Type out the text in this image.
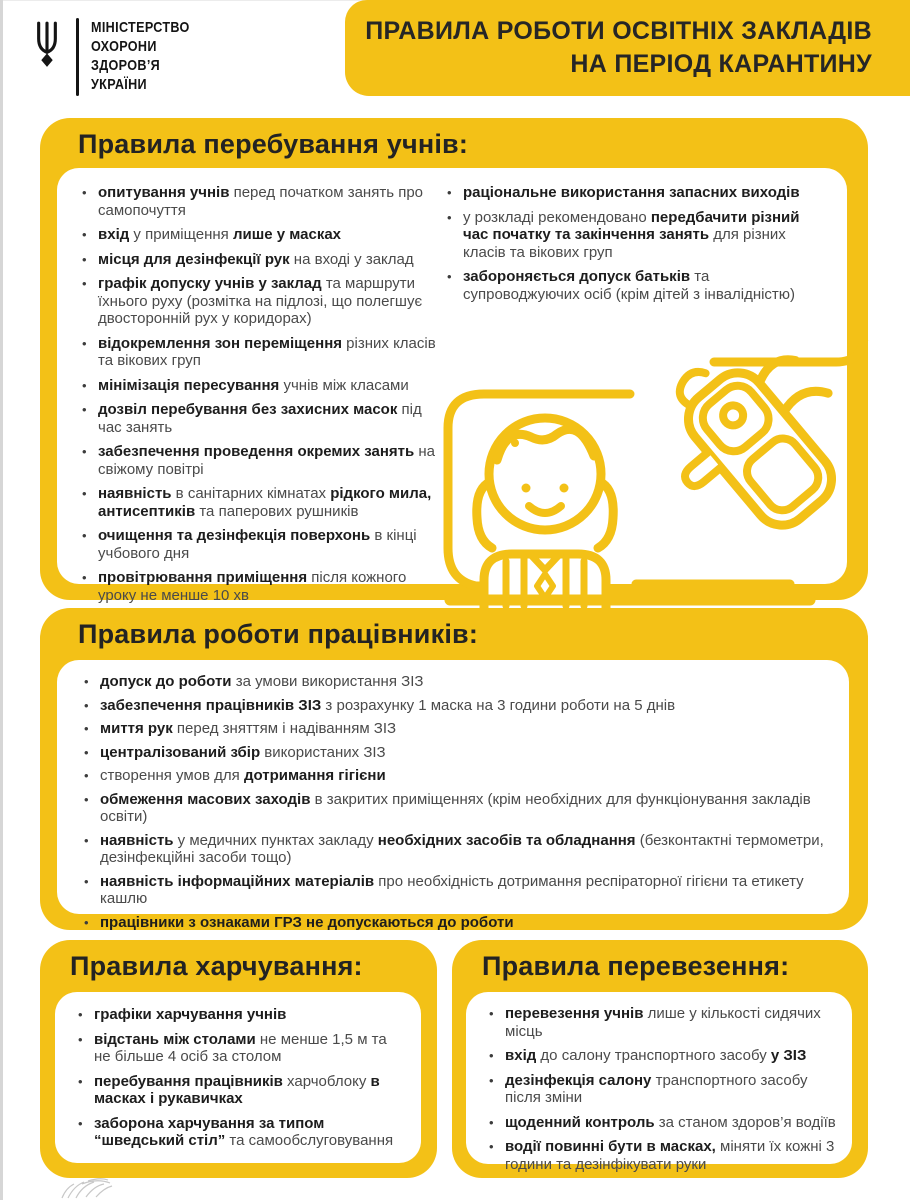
МІНІСТЕРСТВО
ОХОРОНИ
ЗДОРОВ’Я
УКРАЇНИ
ПРАВИЛА РОБОТИ ОСВІТНІХ ЗАКЛАДІВ
НА ПЕРІОД КАРАНТИНУ
Правила перебування учнів:
• опитування учнів перед початком занять про самопочуття
• вхід у приміщення лише у масках
• місця для дезінфекції рук на вході у заклад
• графік допуску учнів у заклад та маршрути їхнього руху (розмітка на підлозі, що полегшує двосторонній рух у коридорах)
• відокремлення зон переміщення різних класів та вікових груп
• мінімізація пересування учнів між класами
• дозвіл перебування без захисних масок під час занять
• забезпечення проведення окремих занять на свіжому повітрі
• наявність в санітарних кімнатах рідкого мила, антисептиків та паперових рушників
• очищення та дезінфекція поверхонь в кінці учбового дня
• провітрювання приміщення після кожного уроку не менше 10 хв
• раціональне використання запасних виходів
• у розкладі рекомендовано передбачити різний час початку та закінчення занять для різних класів та вікових груп
• забороняється допуск батьків та супроводжуючих осіб (крім дітей з інвалідністю)
Правила роботи працівників:
• допуск до роботи за умови використання ЗІЗ
• забезпечення працівників ЗІЗ з розрахунку 1 маска на 3 години роботи на 5 днів
• миття рук перед зняттям і надіванням ЗІЗ
• централізований збір використаних ЗІЗ
• створення умов для дотримання гігієни
• обмеження масових заходів в закритих приміщеннях (крім необхідних для функціонування закладів освіти)
• наявність у медичних пунктах закладу необхідних засобів та обладнання (безконтактні термометри, дезінфекційні засоби тощо)
• наявність інформаційних матеріалів про необхідність дотримання респіраторної гігієни та етикету кашлю
• працівники з ознаками ГРЗ не допускаються до роботи
Правила харчування:
• графіки харчування учнів
• відстань між столами не менше 1,5 м та не більше 4 осіб за столом
• перебування працівників харчоблоку в масках і рукавичках
• заборона харчування за типом “шведський стіл” та самообслуговування
Правила перевезення:
• перевезення учнів лише у кількості сидячих місць
• вхід до салону транспортного засобу у ЗІЗ
• дезінфекція салону транспортного засобу після зміни
• щоденний контроль за станом здоров’я водіїв
• водії повинні бути в масках, міняти їх кожні 3 години та дезінфікувати руки
